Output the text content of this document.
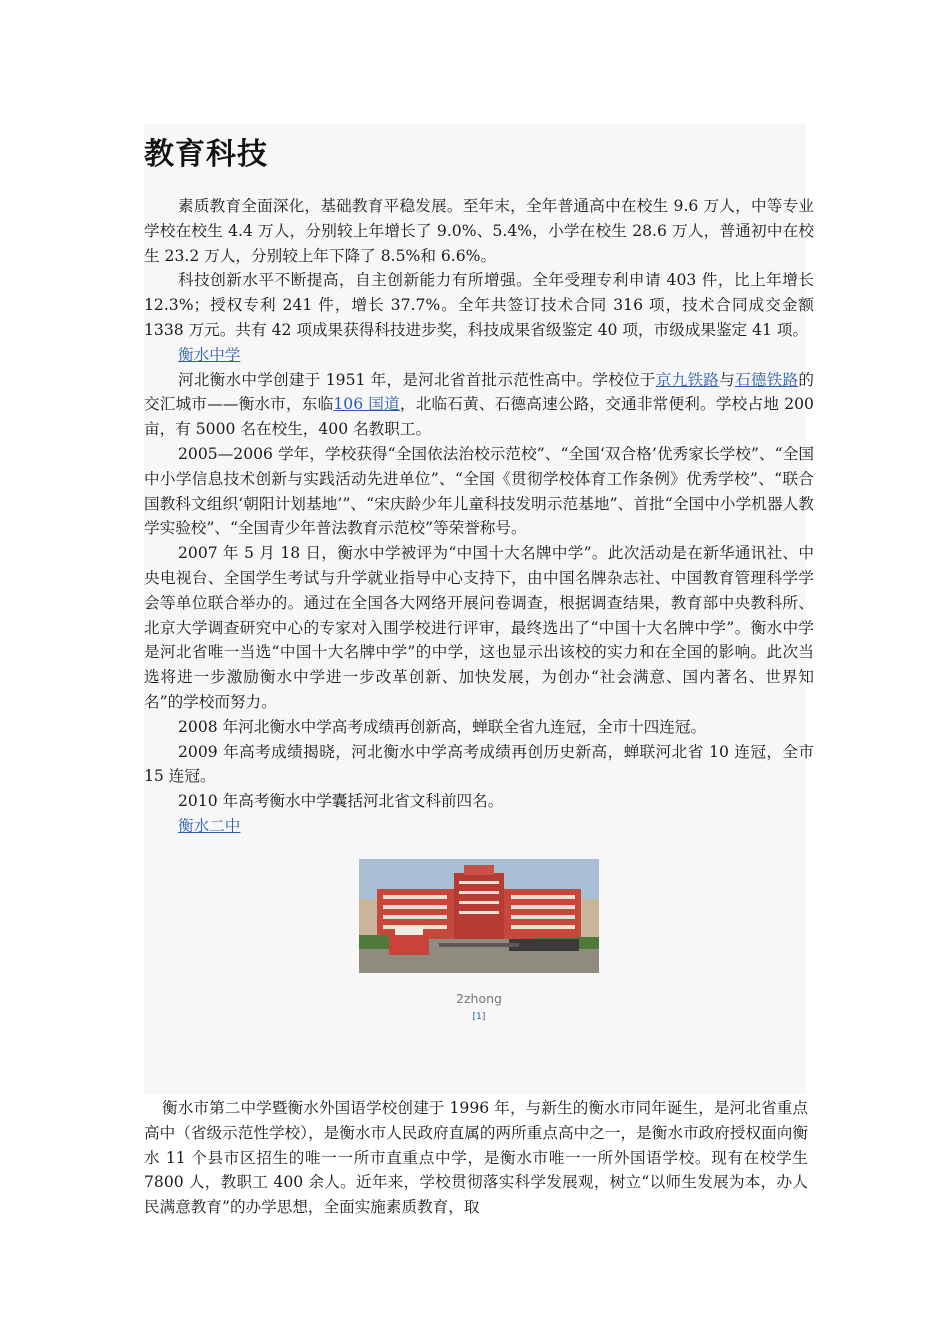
教育科技

素质教育全面深化，基础教育平稳发展。至年末，全年普通高中在校生 9.6 万人，中等专业学校在校生 4.4 万人，分别较上年增长了 9.0%、5.4%，小学在校生 28.6 万人，普通初中在校生 23.2 万人，分别较上年下降了 8.5%和 6.6%。

科技创新水平不断提高，自主创新能力有所增强。全年受理专利申请 403 件，比上年增长 12.3%；授权专利 241 件，增长 37.7%。全年共签订技术合同 316 项，技术合同成交金额 1338 万元。共有 42 项成果获得科技进步奖，科技成果省级鉴定 40 项，市级成果鉴定 41 项。

衡水中学

河北衡水中学创建于 1951 年，是河北省首批示范性高中。学校位于京九铁路与石德铁路的交汇城市——衡水市，东临106 国道，北临石黄、石德高速公路，交通非常便利。学校占地 200 亩，有 5000 名在校生，400 名教职工。

2005—2006 学年，学校获得“全国依法治校示范校”、“全国‘双合格’优秀家长学校”、“全国中小学信息技术创新与实践活动先进单位”、“全国《贯彻学校体育工作条例》优秀学校”、“联合国教科文组织‘朝阳计划基地’”、“宋庆龄少年儿童科技发明示范基地”、首批“全国中小学机器人教学实验校”、“全国青少年普法教育示范校”等荣誉称号。

2007 年 5 月 18 日，衡水中学被评为“中国十大名牌中学”。此次活动是在新华通讯社、中央电视台、全国学生考试与升学就业指导中心支持下，由中国名牌杂志社、中国教育管理科学学会等单位联合举办的。通过在全国各大网络开展问卷调查，根据调查结果，教育部中央教科所、北京大学调查研究中心的专家对入围学校进行评审，最终选出了“中国十大名牌中学”。衡水中学是河北省唯一当选“中国十大名牌中学”的中学，这也显示出该校的实力和在全国的影响。此次当选将进一步激励衡水中学进一步改革创新、加快发展，为创办“社会满意、国内著名、世界知名”的学校而努力。

2008 年河北衡水中学高考成绩再创新高，蝉联全省九连冠，全市十四连冠。

2009 年高考成绩揭晓，河北衡水中学高考成绩再创历史新高，蝉联河北省 10 连冠，全市 15 连冠。

2010 年高考衡水中学囊括河北省文科前四名。

衡水二中

2zhong
[1]

衡水市第二中学暨衡水外国语学校创建于 1996 年，与新生的衡水市同年诞生，是河北省重点高中（省级示范性学校），是衡水市人民政府直属的两所重点高中之一，是衡水市政府授权面向衡水 11 个县市区招生的唯一一所市直重点中学，是衡水市唯一一所外国语学校。现有在校学生 7800 人，教职工 400 余人。近年来，学校贯彻落实科学发展观，树立“以师生发展为本，办人民满意教育”的办学思想，全面实施素质教育，取
